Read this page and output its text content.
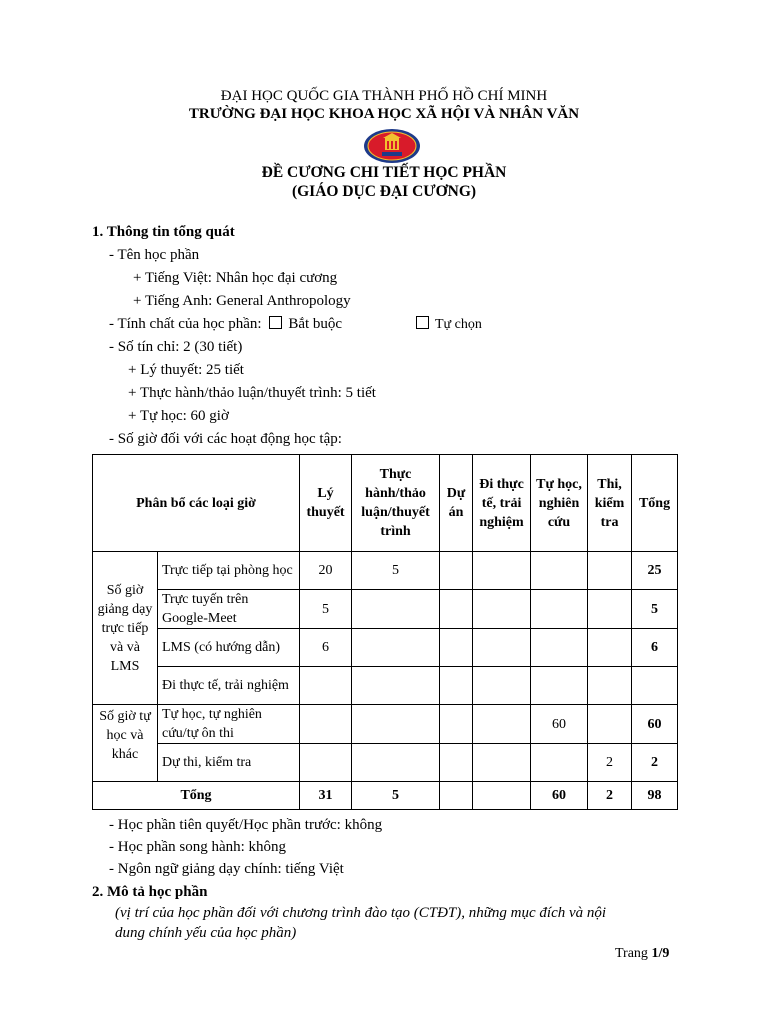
ĐẠI HỌC QUỐC GIA THÀNH PHỐ HỒ CHÍ MINH
TRƯỜNG ĐẠI HỌC KHOA HỌC XÃ HỘI VÀ NHÂN VĂN
ĐỀ CƯƠNG CHI TIẾT HỌC PHẦN
(GIÁO DỤC ĐẠI CƯƠNG)
1. Thông tin tổng quát
- Tên học phần
+ Tiếng Việt: Nhân học đại cương
+ Tiếng Anh: General Anthropology
- Tính chất của học phần: Bắt buộc	Tự chọn
- Số tín chỉ: 2 (30 tiết)
+ Lý thuyết: 25 tiết
+ Thực hành/thảo luận/thuyết trình: 5 tiết
+ Tự học: 60 giờ
- Số giờ đối với các hoạt động học tập:
Phân bổ các loại giờ		Lý thuyết	Thực hành/thảo luận/thuyết trình	Dự án	Đi thực tế, trải nghiệm	Tự học, nghiên cứu	Thi, kiểm tra	Tổng
Số giờ giảng dạy trực tiếp và và LMS	Trực tiếp tại phòng học	20	5					25
	Trực tuyến trên Google-Meet	5						5
	LMS (có hướng dẫn)	6						6
	Đi thực tế, trải nghiệm							
Số giờ tự học và khác	Tự học, tự nghiên cứu/tự ôn thi					60		60
	Dự thi, kiểm tra						2	2
Tổng		31	5			60	2	98
- Học phần tiên quyết/Học phần trước: không
- Học phần song hành: không
- Ngôn ngữ giảng dạy chính: tiếng Việt
2. Mô tả học phần
(vị trí của học phần đối với chương trình đào tạo (CTĐT), những mục đích và nội
dung chính yếu của học phần)
Trang 1/9
